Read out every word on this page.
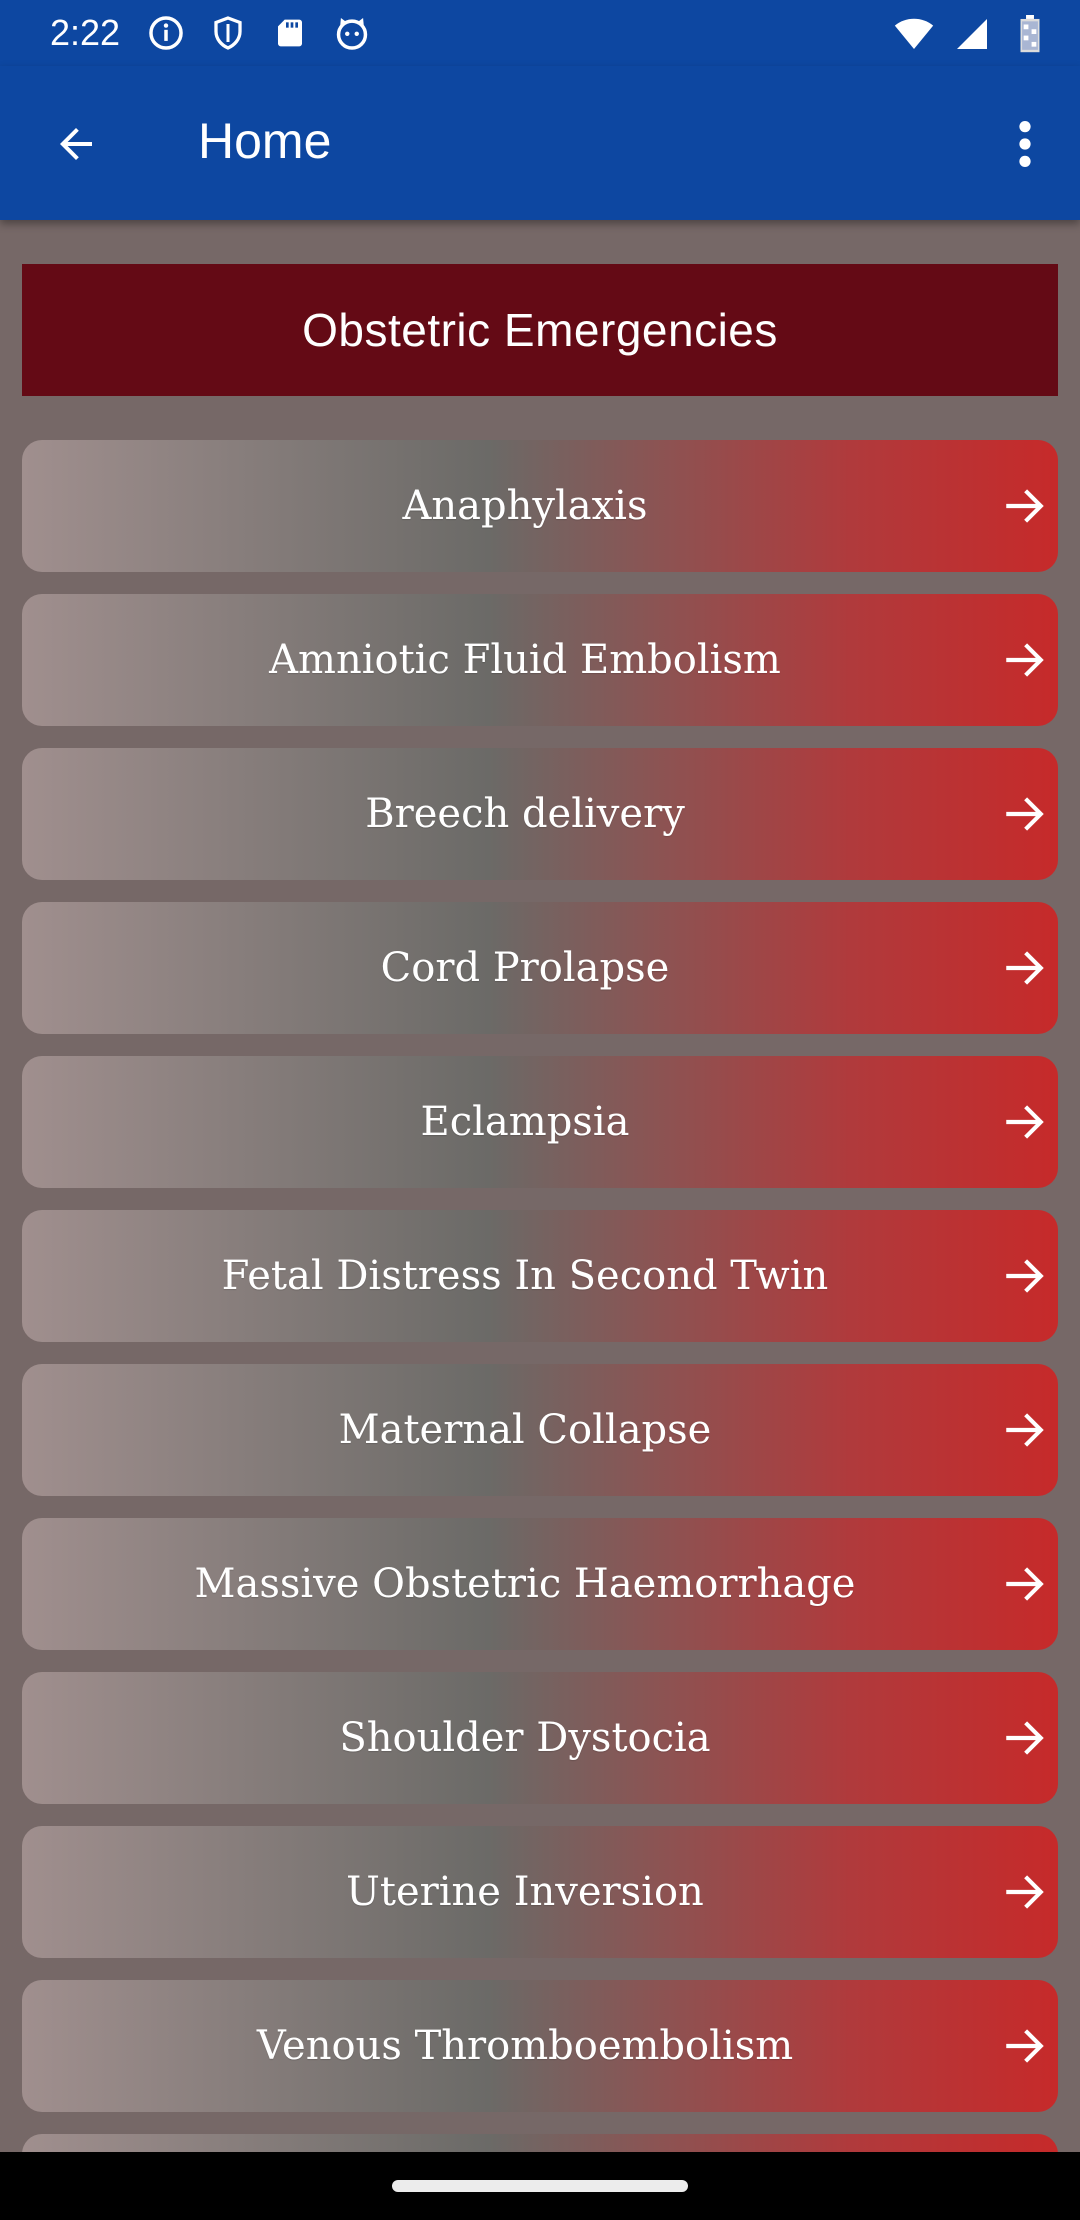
2:22
Home
Obstetric Emergencies
Anaphylaxis
Amniotic Fluid Embolism
Breech delivery
Cord Prolapse
Eclampsia
Fetal Distress In Second Twin
Maternal Collapse
Massive Obstetric Haemorrhage
Shoulder Dystocia
Uterine Inversion
Venous Thromboembolism
